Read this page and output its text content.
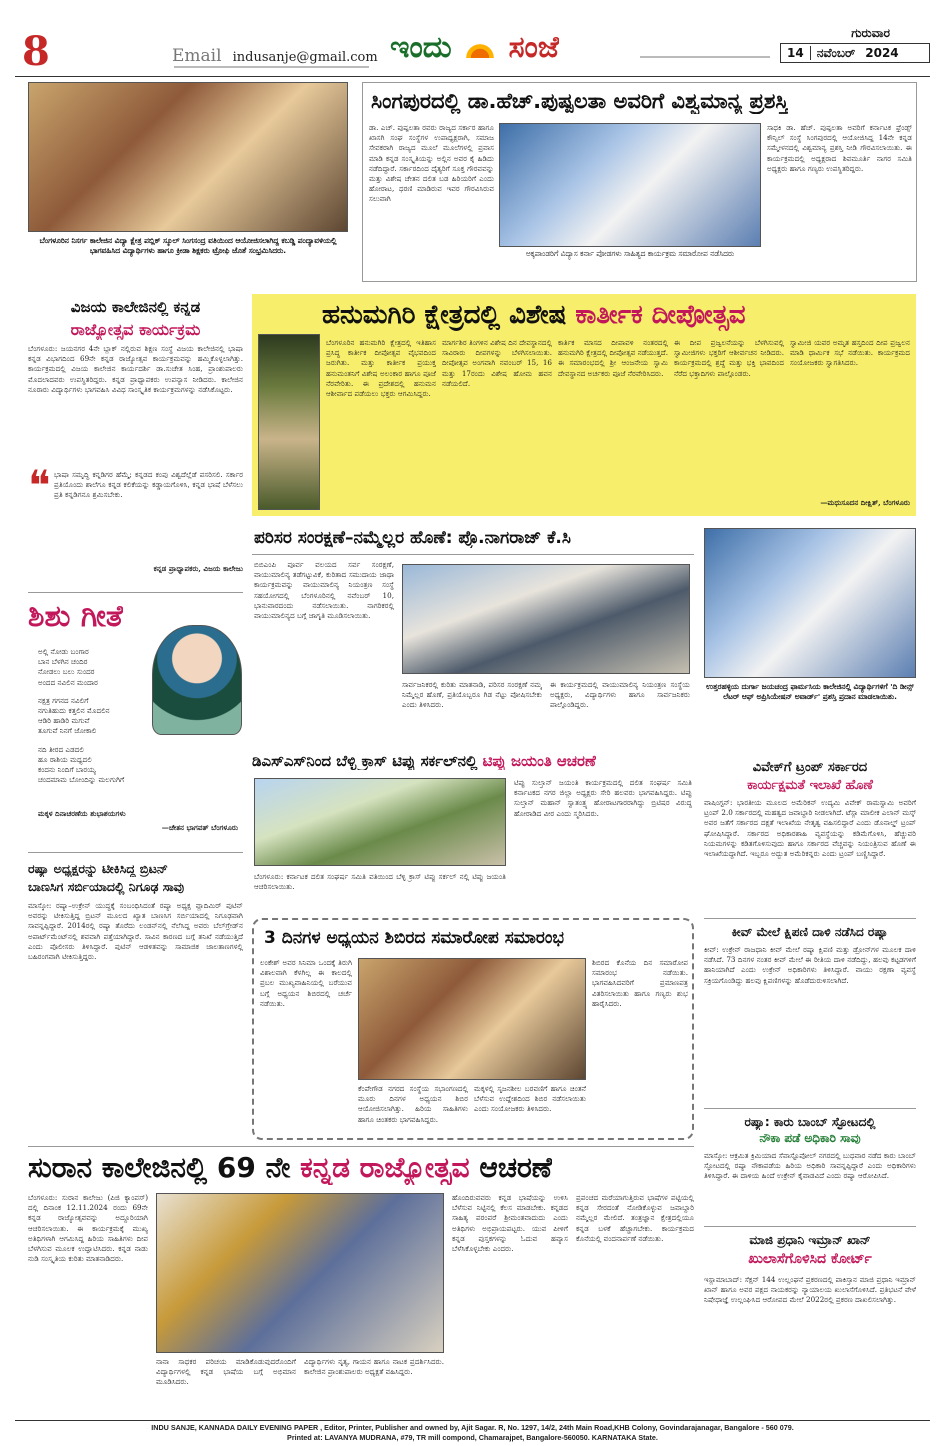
8	Email indusanje@gmail.com ಇಂದು ಸಂಜೆ	ಗುರುವಾರ
14	ನವೆಂಬರ್ 2024
ಬೆಂಗಳೂರಿನ ನಿಸರ್ಗ ಕಾಲೇಜಿನ ವಿದ್ಯಾ ಕ್ಷೇತ್ರ ಪಬ್ಲಿಕ್ ಸ್ಕೂಲ್ ಸಿಂಗಸಂದ್ರ ವತಿಯಿಂದ ಆಯೋಜಿಸಲಾಗಿದ್ದ ಕಬಡ್ಡಿ ಪಂದ್ಯಾವಳಿಯಲ್ಲಿ ಭಾಗವಹಿಸಿದ ವಿದ್ಯಾರ್ಥಿಗಳು ಹಾಗೂ ಕ್ರೀಡಾ ಶಿಕ್ಷಕರು ಟ್ರೋಫಿ ಜೊತೆ ಸಂಭ್ರಮಿಸಿದರು.
ಸಿಂಗಪುರದಲ್ಲಿ ಡಾ.ಹೆಚ್.ಪುಷ್ಪಲತಾ ಅವರಿಗೆ ವಿಶ್ವಮಾನ್ಯ ಪ್ರಶಸ್ತಿ
ಡಾ. ಎಚ್. ಪುಷ್ಪಲತಾ ರವರು ರಾಜ್ಯದ ಸರ್ಕಾರ ಹಾಗೂ ಖಾಸಗಿ ಸಂಘ ಸಂಸ್ಥೆಗಳ ಉಪಾಧ್ಯಕ್ಷರಾಗಿ, ಸಮಾಜ ಸೇವಕರಾಗಿ ರಾಜ್ಯದ ಮೂಲೆ ಮೂಲೆಗಳಲ್ಲಿ ಪ್ರವಾಸ ಮಾಡಿ ಕನ್ನಡ ಸಂಸ್ಕೃತಿಯನ್ನು ಅಲ್ಲಿನ ಅವರ ಕೈ ಹಿಡಿದು ನಡೆದಿದ್ದಾರೆ. ಸರ್ಕಾರದಿಂದ ದೈತ್ಯರಿಗೆ ಸೂಕ್ತ ಗೌರವವನ್ನು ಮತ್ತು ವಿಶೇಷ ಚೇತನ ದಲಿತ ಬಡ ಹಿರಿಯರಿಗೆ ಎಂದು ಹೋರಾಟ, ಧರಣಿ ಮಾಡಿರುವ ಇವರ ಗೌರವಿಸಿರುವ ಸಲುವಾಗಿ
ಅಕ್ಕಪಾಂಡರಿಗೆ ವಿದ್ಯಾಸ ಕರ್ನಾ ಪೋಡಗಳು ಸಾಹಿತ್ಯದ ಕಾರ್ಯಕ್ರಮ ಸಮಾರೋಪ ನಡೆಸಿದರು
ಸಾಧಕಿ ಡಾ. ಹೆಚ್. ಪುಷ್ಪಲತಾ ಅವರಿಗೆ ಕರ್ನಾಟಕ ಫ್ರೆಂಡ್ಸ್ ಕೌನ್ಸಿಲ್ ಸಂಸ್ಥೆ ಸಿಂಗಪುರದಲ್ಲಿ ಆಯೋಜಿಸಿದ್ದ 14ನೇ ಕನ್ನಡ ಸಮ್ಮೇಳನದಲ್ಲಿ ವಿಶ್ವಮಾನ್ಯ ಪ್ರಶಸ್ತಿ ನೀಡಿ ಗೌರವಿಸಲಾಯಿತು. ಈ ಕಾರ್ಯಕ್ರಮದಲ್ಲಿ ಅಧ್ಯಕ್ಷರಾದ ಶಿವಮೂರ್ತಿ ನಾಗರ ಸಮಿತಿ ಅಧ್ಯಕ್ಷರು ಹಾಗೂ ಗಣ್ಯರು ಉಪಸ್ಥಿತರಿದ್ದರು.
ವಿಜಯ ಕಾಲೇಜಿನಲ್ಲಿ ಕನ್ನಡ
ರಾಜ್ಯೋತ್ಸವ ಕಾರ್ಯಕ್ರಮ
ಬೆಂಗಳೂರು: ಜಯನಗರ 4ನೇ ಬ್ಲಾಕ್ ನಲ್ಲಿರುವ ಶಿಕ್ಷಣ ಸಂಸ್ಥೆ ವಿಜಯ ಕಾಲೇಜಿನಲ್ಲಿ ಭಾಷಾ ಕನ್ನಡ ವಿಭಾಗದಿಂದ 69ನೇ ಕನ್ನಡ ರಾಜ್ಯೋತ್ಸವ ಕಾರ್ಯಕ್ರಮವನ್ನು ಹಮ್ಮಿಕೊಳ್ಳಲಾಗಿತ್ತು. ಕಾರ್ಯಕ್ರಮದಲ್ಲಿ ವಿಜಯ ಕಾಲೇಜಿನ ಕಾರ್ಯದರ್ಶಿ ಡಾ.ಸುಚೇತ ಸಿಂಹ, ಪ್ರಾಂಶುಪಾಲರು ಮೊದಲಾದವರು ಉಪಸ್ಥಿತರಿದ್ದರು. ಕನ್ನಡ ಪ್ರಾಧ್ಯಾಪಕರು ಉಪನ್ಯಾಸ ನೀಡಿದರು. ಕಾಲೇಜಿನ ನೂರಾರು ವಿದ್ಯಾರ್ಥಿಗಳು ಭಾಗವಹಿಸಿ ವಿವಿಧ ಸಾಂಸ್ಕೃತಿಕ ಕಾರ್ಯಕ್ರಮಗಳನ್ನು ನಡೆಸಿಕೊಟ್ಟರು.
❝ ಭಾಷಾ ಸಮೃದ್ಧಿ ಕನ್ನಡಿಗರ ಹೆಮ್ಮೆ; ಕನ್ನಡದ ಕಂಪು ವಿಶ್ವದೆಲ್ಲೆಡೆ ಪಸರಿಸಲಿ. ಸರ್ಕಾರ ಪ್ರತಿಯೊಂದು ಶಾಲೆಗೂ ಕನ್ನಡ ಕಲಿಕೆಯನ್ನು ಕಡ್ಡಾಯಗೊಳಿಸಿ, ಕನ್ನಡ ಭಾಷೆ ಬೆಳೆಸಲು ಪ್ರತಿ ಕನ್ನಡಿಗನೂ ಶ್ರಮಿಸಬೇಕು.
ಕನ್ನಡ ಪ್ರಾಧ್ಯಾಪಕರು, ವಿಜಯ ಕಾಲೇಜು
ಹನುಮಗಿರಿ ಕ್ಷೇತ್ರದಲ್ಲಿ ವಿಶೇಷ ಕಾರ್ತೀಕ ದೀಪೋತ್ಸವ
ಬೆಂಗಳೂರಿನ ಹನುಮಗಿರಿ ಕ್ಷೇತ್ರದಲ್ಲಿ ಇತಿಹಾಸ ಪ್ರಸಿದ್ಧ ಕಾರ್ತೀಕ ದೀಪೋತ್ಸವ ವೈಭವದಿಂದ ಜರುಗಿತು. ಮತ್ತು ಕಾರ್ತೀಕ ಪ್ರಯುಕ್ತ ಹನುಮಂತನಿಗೆ ವಿಶೇಷ ಅಲಂಕಾರ ಹಾಗೂ ಪೂಜೆ ನೆರವೇರಿತು. ಈ ಪ್ರದೇಶದಲ್ಲಿ ಹನುಮನ ಆಶೀರ್ವಾದ ಪಡೆಯಲು ಭಕ್ತರು ಆಗಮಿಸಿದ್ದರು.
ಮಾರ್ಗಶಿರ ತಿಂಗಳಿನ ವಿಶೇಷ ದಿನ ದೇವಸ್ಥಾನದಲ್ಲಿ ಸಾವಿರಾರು ದೀಪಗಳನ್ನು ಬೆಳಗಿಸಲಾಯಿತು. ದೀಪೋತ್ಸವ ಅಂಗವಾಗಿ ನವಂಬರ್ 15, 16 ಮತ್ತು 17ರಂದು ವಿಶೇಷ ಹೋಮ ಹವನ ನಡೆಯಲಿದೆ.
ಕಾರ್ತಿಕ ಮಾಸದ ದೀಪಾವಳಿ ನಂತರದಲ್ಲಿ ಹನುಮಗಿರಿ ಕ್ಷೇತ್ರದಲ್ಲಿ ದೀಪೋತ್ಸವ ನಡೆಯುತ್ತದೆ. ಈ ಸಮಾರಂಭದಲ್ಲಿ ಶ್ರೀ ಆಂಜನೇಯ ಸ್ವಾಮಿ ದೇವಸ್ಥಾನದ ಅರ್ಚಕರು ಪೂಜೆ ನೆರವೇರಿಸಿದರು.
ಈ ದೀಪ ಪ್ರಜ್ವಲನೆಯನ್ನು ಬೆಳಗಿಸುವಲ್ಲಿ ಸ್ವಾಮೀಜಿಗಳು ಭಕ್ತರಿಗೆ ಆಶೀರ್ವಚನ ನೀಡಿದರು. ಕಾರ್ಯಕ್ರಮದಲ್ಲಿ ಶ್ರದ್ಧೆ ಮತ್ತು ಭಕ್ತಿ ಭಾವದಿಂದ ನೆರೆದ ಭಕ್ತಾದಿಗಳು ಪಾಲ್ಗೊಂಡರು.
ಸ್ವಾಮೀಜಿ ಯವರ ಅಮೃತ ಹಸ್ತದಿಂದ ದೀಪ ಪ್ರಜ್ವಲನ ಮಾಡಿ ಧಾರ್ಮಿಕ ಸಭೆ ನಡೆಯಿತು. ಕಾರ್ಯಕ್ರಮದ ಸಂಯೋಜಕರು ಸ್ವಾಗತಿಸಿದರು.
—ಮಧುಸೂದನ ದೀಕ್ಷಿತ್, ಬೆಂಗಳೂರು
ಶಿಶು ಗೀತೆ
ಅಲ್ಲಿ ನೋಡು ಬಂಗಾರ
ಬಾನ ಬೆಳಗಿನ ಚಂದಿರ
ನೋಡಲು ಬಲು ಸುಂದರ
ಅಂದದ ನವಿಲಿನ ಮಂದಾರ
ನಕ್ಷತ್ರ ಗಗನದ ನವಿಲಿಗೆ
ನಗುತಿಹುದು ಕತ್ತಲಿನ ಮೊದಲಿನ
ಆಡಿರಿ ಹಾಡಿರಿ ಮಗುವೆ
ತೂಗುವೆ ನಿನಗೆ ಜೋಕಾಲಿ
ನದಿ ತೀರದ ಎಡದಲಿ
ಹೂ ರಾಶಿಯ ಮಧ್ಯದಲಿ
ಕಂದನು ನಿಂದಿಗೆ ಬಾರಯ್ಯ
ಚಂದಮಾಮ ಬೋಂದಿನ್ನು ಮಲಗುಗಿಗೆ
ಮಕ್ಕಳ ದಿನಾಚರಣೆಯ ಶುಭಾಶಯಗಳು
—ಚೇತನ ಭಾಗವತ್ ಬೆಂಗಳೂರು
ಪರಿಸರ ಸಂರಕ್ಷಣೆ–ನಮ್ಮೆಲ್ಲರ ಹೊಣೆ: ಪ್ರೊ.ನಾಗರಾಜ್ ಕೆ.ಸಿ
ಬಿಬಿಎಂಪಿ ಪೂರ್ವ ವಲಯದ ಸರ್ವ ಸಂರಕ್ಷಣೆ, ವಾಯುಮಾಲಿನ್ಯ ತಡೆಗಟ್ಟುವಿಕೆ, ಕುರಿತಾದ ಸಮುದಾಯ ಜಾಥಾ ಕಾರ್ಯಕ್ರಮವನ್ನು ವಾಯುಮಾಲಿನ್ಯ ನಿಯಂತ್ರಣ ಸಂಸ್ಥೆ ಸಹಯೋಗದಲ್ಲಿ ಬೆಂಗಳೂರಿನಲ್ಲಿ ನವೆಂಬರ್ 10, ಭಾನುವಾರದಂದು ನಡೆಸಲಾಯಿತು. ನಾಗರಿಕರಲ್ಲಿ ವಾಯುಮಾಲಿನ್ಯದ ಬಗ್ಗೆ ಜಾಗೃತಿ ಮೂಡಿಸಲಾಯಿತು.
ಸಾರ್ವಜನಿಕರಲ್ಲಿ ಕುರಿತು ಮಾತನಾಡಿ, ಪರಿಸರ ಸಂರಕ್ಷಣೆ ನಮ್ಮ ನಿಮ್ಮೆಲ್ಲರ ಹೊಣೆ, ಪ್ರತಿಯೊಬ್ಬರೂ ಗಿಡ ನೆಟ್ಟು ಪೋಷಿಸಬೇಕು ಎಂದು ತಿಳಿಸಿದರು.
ಈ ಕಾರ್ಯಕ್ರಮದಲ್ಲಿ ವಾಯುಮಾಲಿನ್ಯ ನಿಯಂತ್ರಣ ಸಂಸ್ಥೆಯ ಅಧ್ಯಕ್ಷರು, ವಿದ್ಯಾರ್ಥಿಗಳು ಹಾಗೂ ಸಾರ್ವಜನಿಕರು ಪಾಲ್ಗೊಂಡಿದ್ದರು.
ಉತ್ತರಹಳ್ಳಿಯ ದುರ್ಗಾ ಜಯಚಂದ್ರ ಫಾರ್ಮಸಿಯ ಕಾಲೇಜಿನಲ್ಲಿ ವಿದ್ಯಾರ್ಥಿಗಳಿಗೆ 'ದಿ ಡೀನ್ಸ್ ಲೆಟರ್ ಆಫ್ ಅಪ್ರಿಸಿಯೇಷನ್ ಅವಾರ್ಡ್' ಪ್ರಶಸ್ತಿ ಪ್ರದಾನ ಮಾಡಲಾಯಿತು.
ಡಿಎಸ್ಎಸ್‌ನಿಂದ ಬೆಳ್ಳಿ ಕ್ರಾಸ್ ಟಿಪ್ಪು ಸರ್ಕಲ್‌ನಲ್ಲಿ ಟಿಪ್ಪು ಜಯಂತಿ ಆಚರಣೆ
ಬೆಂಗಳೂರು: ಕರ್ನಾಟಕ ದಲಿತ ಸಂಘರ್ಷ ಸಮಿತಿ ವತಿಯಿಂದ ಬೆಳ್ಳಿ ಕ್ರಾಸ್ ಟಿಪ್ಪು ಸರ್ಕಲ್ ನಲ್ಲಿ ಟಿಪ್ಪು ಜಯಂತಿ ಆಚರಿಸಲಾಯಿತು.
ಟಿಪ್ಪು ಸುಲ್ತಾನ್ ಜಯಂತಿ ಕಾರ್ಯಕ್ರಮದಲ್ಲಿ ದಲಿತ ಸಂಘರ್ಷ ಸಮಿತಿ ಕರ್ನಾಟಕದ ನಗರ ಜಿಲ್ಲಾ ಅಧ್ಯಕ್ಷರು ಸೇರಿ ಹಲವರು ಭಾಗವಹಿಸಿದ್ದರು. ಟಿಪ್ಪು ಸುಲ್ತಾನ್ ಮಹಾನ್ ಸ್ವಾತಂತ್ರ್ಯ ಹೋರಾಟಗಾರರಾಗಿದ್ದು ಬ್ರಿಟಿಷರ ವಿರುದ್ಧ ಹೋರಾಡಿದ ವೀರ ಎಂದು ಸ್ಮರಿಸಿದರು.
ವಿವೇಕ್‌ಗೆ ಟ್ರಂಪ್ ಸರ್ಕಾರದ
ಕಾರ್ಯಕ್ಷಮತೆ ಇಲಾಖೆ ಹೊಣೆ
ವಾಷಿಂಗ್ಟನ್: ಭಾರತೀಯ ಮೂಲದ ಅಮೆರಿಕನ್ ಉದ್ಯಮಿ ವಿವೇಕ್ ರಾಮಸ್ವಾಮಿ ಅವರಿಗೆ ಟ್ರಂಪ್ 2.0 ಸರ್ಕಾರದಲ್ಲಿ ಮಹತ್ವದ ಜವಾಬ್ದಾರಿ ನೀಡಲಾಗಿದೆ. ಟೆಸ್ಲಾ ಮಾಲೀಕ ಎಲಾನ್ ಮಸ್ಕ್ ಅವರ ಜತೆಗೆ ಸರ್ಕಾರದ ದಕ್ಷತೆ ಇಲಾಖೆಯ ನೇತೃತ್ವ ವಹಿಸಲಿದ್ದಾರೆ ಎಂದು ಡೊನಾಲ್ಡ್ ಟ್ರಂಪ್ ಘೋಷಿಸಿದ್ದಾರೆ. ಸರ್ಕಾರದ ಅಧಿಕಾರಶಾಹಿ ವ್ಯವಸ್ಥೆಯನ್ನು ಕಡಿಮೆಗೊಳಿಸಿ, ಹೆಚ್ಚುವರಿ ನಿಯಮಗಳನ್ನು ಕಡಿತಗೊಳಿಸುವುದು ಹಾಗೂ ಸರ್ಕಾರದ ವೆಚ್ಚವನ್ನು ನಿಯಂತ್ರಿಸುವ ಹೊಣೆ ಈ ಇಲಾಖೆಯದ್ದಾಗಿದೆ. ಇಬ್ಬರೂ ಅದ್ಭುತ ಅಮೆರಿಕನ್ನರು ಎಂದು ಟ್ರಂಪ್ ಬಣ್ಣಿಸಿದ್ದಾರೆ.
ರಷ್ಯಾ ಅಧ್ಯಕ್ಷರನ್ನು ಟೀಕಿಸಿದ್ದ ಬ್ರಿಟನ್
ಬಾಣಸಿಗ ಸರ್ಬಿಯಾದಲ್ಲಿ ನಿಗೂಢ ಸಾವು
ಮಾಸ್ಕೋ: ರಷ್ಯಾ–ಉಕ್ರೇನ್ ಯುದ್ಧಕ್ಕೆ ಸಂಬಂಧಿಸಿದಂತೆ ರಷ್ಯಾ ಅಧ್ಯಕ್ಷ ವ್ಲಾದಿಮಿರ್ ಪುಟಿನ್ ಅವರನ್ನು ಟೀಕಿಸುತ್ತಿದ್ದ ಬ್ರಿಟನ್ ಮೂಲದ ಖ್ಯಾತ ಬಾಣಸಿಗ ಸರ್ಬಿಯಾದಲ್ಲಿ ನಿಗೂಢವಾಗಿ ಸಾವನ್ನಪ್ಪಿದ್ದಾರೆ. 2014ರಲ್ಲಿ ರಷ್ಯಾ ತೊರೆದು ಲಂಡನ್‌ನಲ್ಲಿ ನೆಲೆಸಿದ್ದ ಅವರು ಬೆಲ್‌ಗ್ರೇಡ್‌ನ ಅಪಾರ್ಟ್‌ಮೆಂಟ್‌ನಲ್ಲಿ ಶವವಾಗಿ ಪತ್ತೆಯಾಗಿದ್ದಾರೆ. ಸಾವಿನ ಕಾರಣದ ಬಗ್ಗೆ ತನಿಖೆ ನಡೆಯುತ್ತಿದೆ ಎಂದು ಪೊಲೀಸರು ತಿಳಿಸಿದ್ದಾರೆ. ಪುಟಿನ್ ಆಡಳಿತವನ್ನು ಸಾಮಾಜಿಕ ಜಾಲತಾಣಗಳಲ್ಲಿ ಬಹಿರಂಗವಾಗಿ ಟೀಕಿಸುತ್ತಿದ್ದರು.
3 ದಿನಗಳ ಅಧ್ಯಯನ ಶಿಬಿರದ ಸಮಾರೋಪ ಸಮಾರಂಭ
ಲಂಕೇಶ್ ಅವರ ಸಿನಿಮಾ ಒಂದಕ್ಕೆ ತಿರುಗಿ ವಿಶಾಲವಾಗಿ ಕೆಳಗಿಲ್ಲ ಈ ಕಾಲದಲ್ಲಿ ಪ್ರಬಲ ಮುಖ್ಯವಾಹಿನಿಯಲ್ಲಿ ಬರೆಯುವ ಬಗ್ಗೆ ಅಧ್ಯಯನ ಶಿಬಿರದಲ್ಲಿ ಚರ್ಚೆ ನಡೆಯಿತು.
ಕೆಂಪೇಗೌಡ ನಗರದ ಸಂಸ್ಥೆಯ ಸಭಾಂಗಣದಲ್ಲಿ ಮೂರು ದಿನಗಳ ಅಧ್ಯಯನ ಶಿಬಿರ ಆಯೋಜಿಸಲಾಗಿತ್ತು. ಹಿರಿಯ ಸಾಹಿತಿಗಳು ಹಾಗೂ ಚಿಂತಕರು ಭಾಗವಹಿಸಿದ್ದರು.
ಮಕ್ಕಳಲ್ಲಿ ಸೃಜನಶೀಲ ಬರವಣಿಗೆ ಹಾಗೂ ಚಿಂತನೆ ಬೆಳೆಸುವ ಉದ್ದೇಶದಿಂದ ಶಿಬಿರ ನಡೆಸಲಾಯಿತು ಎಂದು ಸಂಯೋಜಕರು ತಿಳಿಸಿದರು.
ಶಿಬಿರದ ಕೊನೆಯ ದಿನ ಸಮಾರೋಪ ಸಮಾರಂಭ ನಡೆಯಿತು. ಭಾಗವಹಿಸಿದವರಿಗೆ ಪ್ರಮಾಣಪತ್ರ ವಿತರಿಸಲಾಯಿತು ಹಾಗೂ ಗಣ್ಯರು ಶುಭ ಹಾರೈಸಿದರು.
ಕೀವ್ ಮೇಲೆ ಕ್ಷಿಪಣಿ ದಾಳಿ ನಡೆಸಿದ ರಷ್ಯಾ
ಕೀವ್: ಉಕ್ರೇನ್ ರಾಜಧಾನಿ ಕೀವ್ ಮೇಲೆ ರಷ್ಯಾ ಕ್ಷಿಪಣಿ ಮತ್ತು ಡ್ರೋನ್‌ಗಳ ಮೂಲಕ ದಾಳಿ ನಡೆಸಿದೆ. 73 ದಿನಗಳ ನಂತರ ಕೀವ್ ಮೇಲೆ ಈ ರೀತಿಯ ದಾಳಿ ನಡೆದಿದ್ದು, ಹಲವು ಕಟ್ಟಡಗಳಿಗೆ ಹಾನಿಯಾಗಿದೆ ಎಂದು ಉಕ್ರೇನ್ ಅಧಿಕಾರಿಗಳು ತಿಳಿಸಿದ್ದಾರೆ. ವಾಯು ರಕ್ಷಣಾ ವ್ಯವಸ್ಥೆ ಸಕ್ರಿಯಗೊಂಡಿದ್ದು ಹಲವು ಕ್ಷಿಪಣಿಗಳನ್ನು ಹೊಡೆದುರುಳಿಸಲಾಗಿದೆ.
ರಷ್ಯಾ: ಕಾರು ಬಾಂಬ್ ಸ್ಫೋಟದಲ್ಲಿ
ನೌಕಾ ಪಡೆ ಅಧಿಕಾರಿ ಸಾವು
ಮಾಸ್ಕೋ: ಆಕ್ರಮಿತ ಕ್ರಿಮಿಯಾದ ಸೆವಾಸ್ಟೊಪೋಲ್ ನಗರದಲ್ಲಿ ಬುಧವಾರ ನಡೆದ ಕಾರು ಬಾಂಬ್ ಸ್ಫೋಟದಲ್ಲಿ ರಷ್ಯಾ ನೌಕಾಪಡೆಯ ಹಿರಿಯ ಅಧಿಕಾರಿ ಸಾವನ್ನಪ್ಪಿದ್ದಾರೆ ಎಂದು ಅಧಿಕಾರಿಗಳು ತಿಳಿಸಿದ್ದಾರೆ. ಈ ದಾಳಿಯ ಹಿಂದೆ ಉಕ್ರೇನ್ ಕೈವಾಡವಿದೆ ಎಂದು ರಷ್ಯಾ ಆರೋಪಿಸಿದೆ.
ಸುರಾನ ಕಾಲೇಜಿನಲ್ಲಿ 69 ನೇ ಕನ್ನಡ ರಾಜ್ಯೋತ್ಸವ ಆಚರಣೆ
ಬೆಂಗಳೂರು: ಸುರಾನ ಕಾಲೇಜು (ಪಿಜಿ ಕ್ಯಾಂಪಸ್) ದಲ್ಲಿ ದಿನಾಂಕ 12.11.2024 ರಂದು 69ನೇ ಕನ್ನಡ ರಾಜ್ಯೋತ್ಸವವನ್ನು ಅದ್ದೂರಿಯಾಗಿ ಆಚರಿಸಲಾಯಿತು. ಈ ಕಾರ್ಯಕ್ರಮಕ್ಕೆ ಮುಖ್ಯ ಅತಿಥಿಗಳಾಗಿ ಆಗಮಿಸಿದ್ದ ಹಿರಿಯ ಸಾಹಿತಿಗಳು ದೀಪ ಬೆಳಗಿಸುವ ಮೂಲಕ ಉದ್ಘಾಟಿಸಿದರು. ಕನ್ನಡ ನಾಡು ನುಡಿ ಸಂಸ್ಕೃತಿಯ ಕುರಿತು ಮಾತನಾಡಿದರು.
ನಾನಾ ಸಾಧಕರ ಪರಿಚಯ ಮಾಡಿಕೊಡುವುದರೊಂದಿಗೆ ವಿದ್ಯಾರ್ಥಿಗಳಲ್ಲಿ ಕನ್ನಡ ಭಾಷೆಯ ಬಗ್ಗೆ ಅಭಿಮಾನ ಮೂಡಿಸಿದರು.
ವಿದ್ಯಾರ್ಥಿಗಳು ನೃತ್ಯ, ಗಾಯನ ಹಾಗೂ ನಾಟಕ ಪ್ರದರ್ಶಿಸಿದರು. ಕಾಲೇಜಿನ ಪ್ರಾಂಶುಪಾಲರು ಅಧ್ಯಕ್ಷತೆ ವಹಿಸಿದ್ದರು.
ಹೊಂದಿರುವವರು ಕನ್ನಡ ಭಾಷೆಯನ್ನು ಉಳಿಸಿ ಬೆಳೆಸುವ ನಿಟ್ಟಿನಲ್ಲಿ ಕೆಲಸ ಮಾಡಬೇಕು. ಕನ್ನಡದ ಸಾಹಿತ್ಯ ಪರಂಪರೆ ಶ್ರೀಮಂತವಾದುದು ಎಂದು ಅತಿಥಿಗಳು ಅಭಿಪ್ರಾಯಪಟ್ಟರು. ಯುವ ಪೀಳಿಗೆ ಕನ್ನಡ ಪುಸ್ತಕಗಳನ್ನು ಓದುವ ಹವ್ಯಾಸ ಬೆಳೆಸಿಕೊಳ್ಳಬೇಕು ಎಂದರು.
ಪ್ರಪಂಚದ ಮರೆಯಾಗುತ್ತಿರುವ ಭಾಷೆಗಳ ಪಟ್ಟಿಯಲ್ಲಿ ಕನ್ನಡ ಸೇರದಂತೆ ನೋಡಿಕೊಳ್ಳುವ ಜವಾಬ್ದಾರಿ ನಮ್ಮೆಲ್ಲರ ಮೇಲಿದೆ. ತಂತ್ರಜ್ಞಾನ ಕ್ಷೇತ್ರದಲ್ಲಿಯೂ ಕನ್ನಡ ಬಳಕೆ ಹೆಚ್ಚಾಗಬೇಕು. ಕಾರ್ಯಕ್ರಮದ ಕೊನೆಯಲ್ಲಿ ವಂದನಾರ್ಪಣೆ ನಡೆಯಿತು.	ಮಾಜಿ ಪ್ರಧಾನಿ ಇಮ್ರಾನ್ ಖಾನ್
ಖುಲಾಸೆಗೊಳಿಸಿದ ಕೋರ್ಟ್
ಇಸ್ಲಾಮಾಬಾದ್: ಸೆಕ್ಷನ್ 144 ಉಲ್ಲಂಘನೆ ಪ್ರಕರಣದಲ್ಲಿ ಪಾಕಿಸ್ತಾನ ಮಾಜಿ ಪ್ರಧಾನಿ ಇಮ್ರಾನ್ ಖಾನ್ ಹಾಗೂ ಅವರ ಪಕ್ಷದ ನಾಯಕರನ್ನು ನ್ಯಾಯಾಲಯ ಖುಲಾಸೆಗೊಳಿಸಿದೆ. ಪ್ರತಿಭಟನೆ ವೇಳೆ ನಿಷೇಧಾಜ್ಞೆ ಉಲ್ಲಂಘಿಸಿದ ಆರೋಪದ ಮೇಲೆ 2022ರಲ್ಲಿ ಪ್ರಕರಣ ದಾಖಲಿಸಲಾಗಿತ್ತು.
INDU SANJE, KANNADA DAILY EVENING PAPER , Editor, Printer, Publisher and owned by, Ajit Sagar. R, No. 1297, 14/2, 24th Main Road,KHB Colony, Govindarajanagar, Bangalore - 560 079.
Printed at: LAVANYA MUDRANA, #79, TR mill compond, Chamarajpet, Bangalore-560050. KARNATAKA State.
